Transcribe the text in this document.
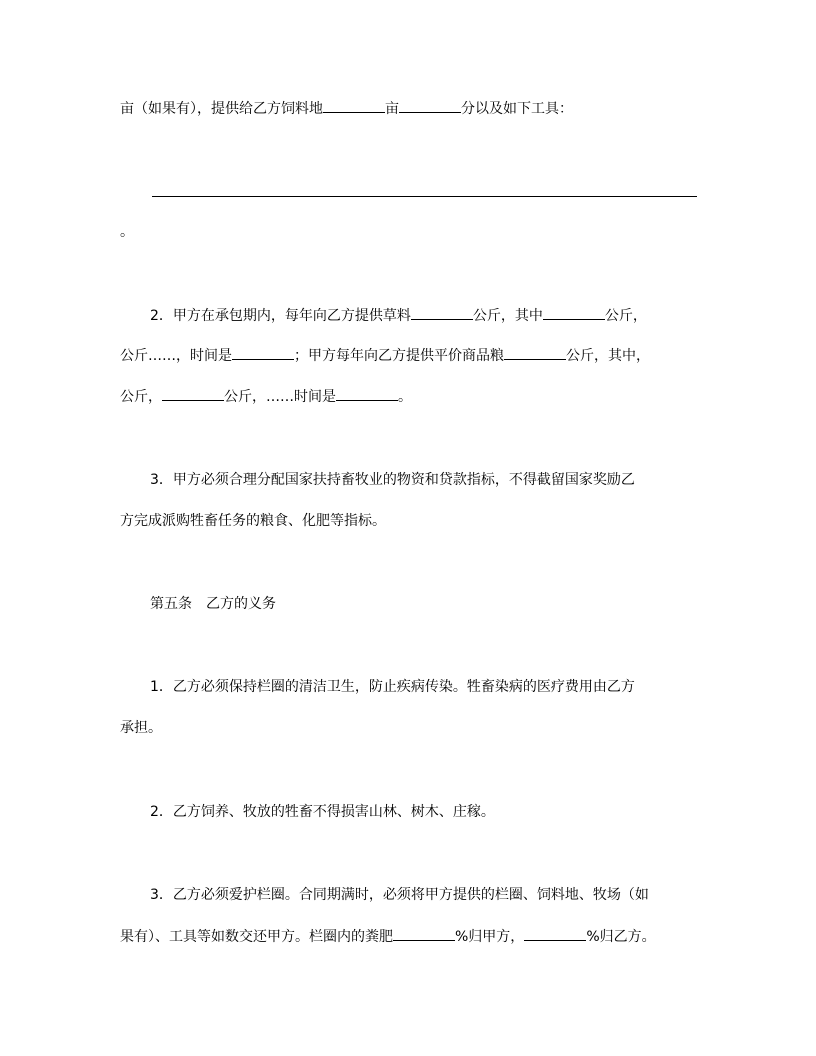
亩（如果有），提供给乙方饲料地	亩	分以及如下工具：
。
2．甲方在承包期内，每年向乙方提供草料	公斤，其中	公斤，
公斤……，时间是	；甲方每年向乙方提供平价商品粮	公斤，其中，
公斤，	公斤，……时间是	。
3．甲方必须合理分配国家扶持畜牧业的物资和贷款指标，不得截留国家奖励乙
方完成派购牲畜任务的粮食、化肥等指标。
第五条　乙方的义务
1．乙方必须保持栏圈的清洁卫生，防止疾病传染。牲畜染病的医疗费用由乙方
承担。
2．乙方饲养、牧放的牲畜不得损害山林、树木、庄稼。
3．乙方必须爱护栏圈。合同期满时，必须将甲方提供的栏圈、饲料地、牧场（如
果有）、工具等如数交还甲方。栏圈内的粪肥	%归甲方，	%归乙方。
